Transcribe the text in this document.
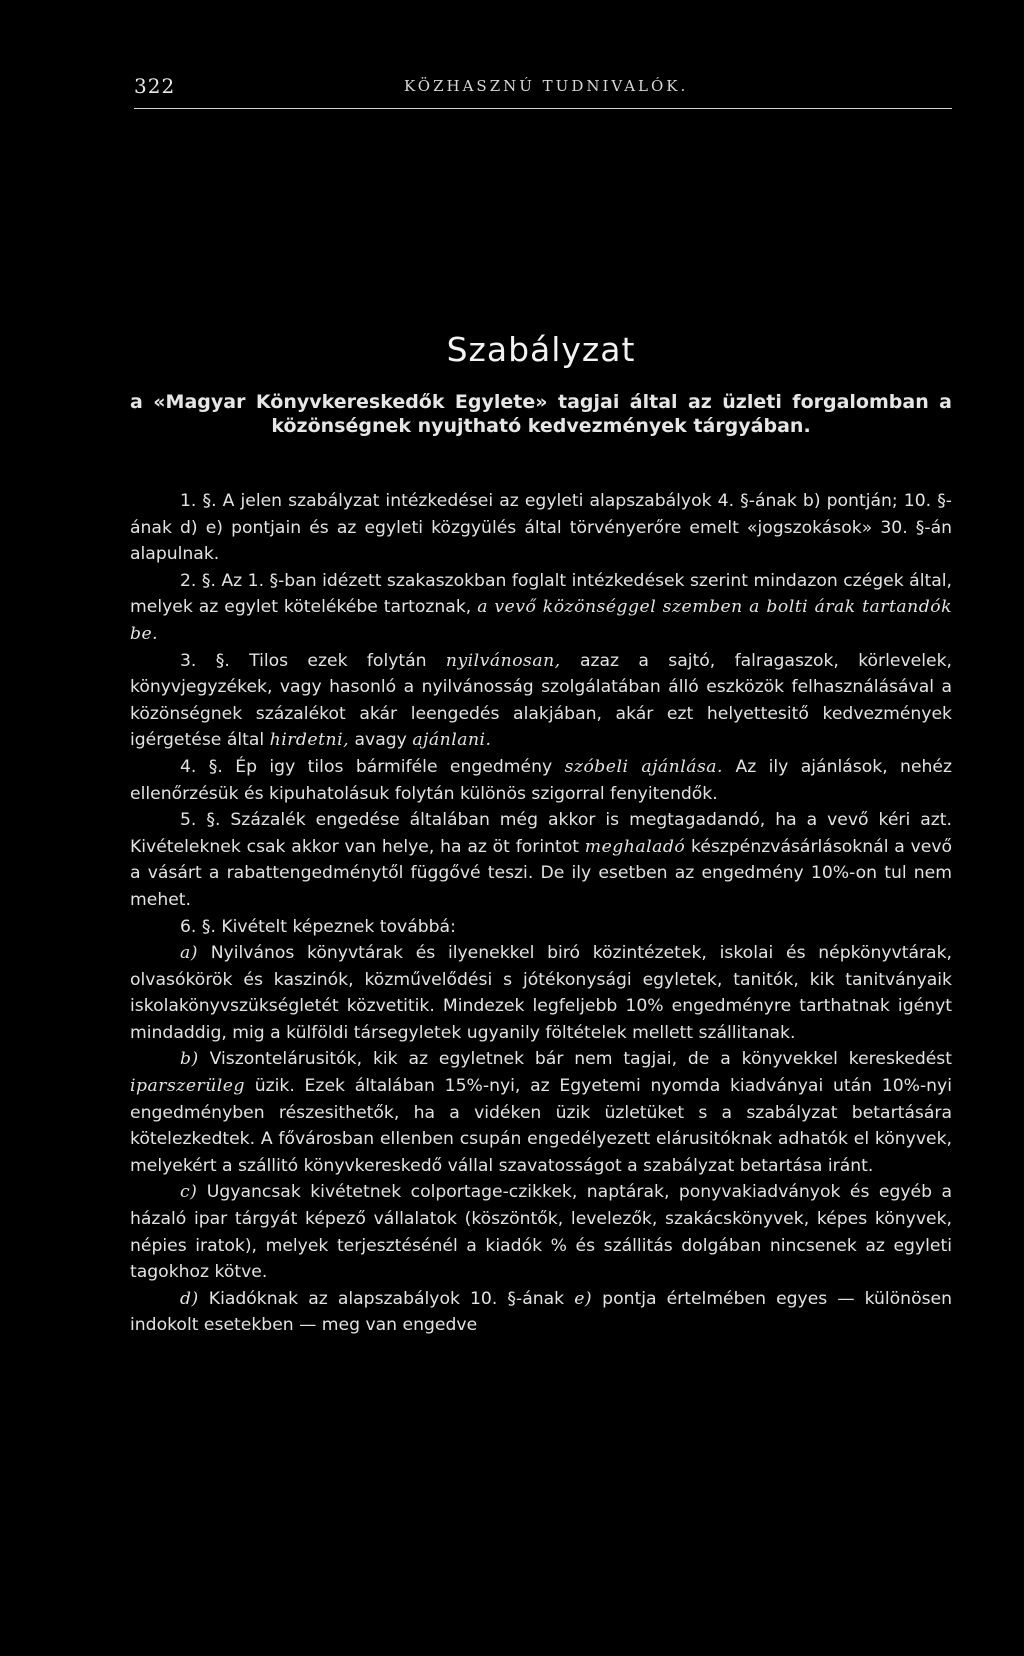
322	KÖZHASZNÚ TUDNIVALÓK.
Szabályzat
a «Magyar Könyvkereskedők Egylete» tagjai által az üzleti forgalomban a közönségnek nyujtható kedvezmények tárgyában.

1. §. A jelen szabályzat intézkedései az egyleti alapszabályok 4. §-ának b) pontján; 10. §-ának d) e) pontjain és az egyleti közgyülés által törvényerőre emelt «jogszokások» 30. §-án alapulnak.

2. §. Az 1. §-ban idézett szakaszokban foglalt intézkedések szerint mindazon czégek által, melyek az egylet kötelékébe tartoznak, a vevő közönséggel szemben a bolti árak tartandók be.

3. §. Tilos ezek folytán nyilvánosan, azaz a sajtó, falragaszok, körlevelek, könyvjegyzékek, vagy hasonló a nyilvánosság szolgálatában álló eszközök felhasználásával a közönségnek százalékot akár leengedés alakjában, akár ezt helyettesitő kedvezmények igérgetése által hirdetni, avagy ajánlani.

4. §. Ép igy tilos bármiféle engedmény szóbeli ajánlása. Az ily ajánlások, nehéz ellenőrzésük és kipuhatolásuk folytán különös szigorral fenyitendők.

5. §. Százalék engedése általában még akkor is megtagadandó, ha a vevő kéri azt. Kivételeknek csak akkor van helye, ha az öt forintot meghaladó készpénzvásárlásoknál a vevő a vásárt a rabattengedménytől függővé teszi. De ily esetben az engedmény 10%-on tul nem mehet.

6. §. Kivételt képeznek továbbá:

a) Nyilvános könyvtárak és ilyenekkel biró közintézetek, iskolai és népkönyvtárak, olvasókörök és kaszinók, közművelődési s jótékonysági egyletek, tanitók, kik tanitványaik iskolakönyvszükségletét közvetitik. Mindezek legfeljebb 10% engedményre tarthatnak igényt mindaddig, mig a külföldi társegyletek ugyanily föltételek mellett szállitanak.

b) Viszontelárusitók, kik az egyletnek bár nem tagjai, de a könyvekkel kereskedést iparszerüleg üzik. Ezek általában 15%-nyi, az Egyetemi nyomda kiadványai után 10%-nyi engedményben részesithetők, ha a vidéken üzik üzletüket s a szabályzat betartására kötelezkedtek. A fővárosban ellenben csupán engedélyezett elárusitóknak adhatók el könyvek, melyekért a szállitó könyvkereskedő vállal szavatosságot a szabályzat betartása iránt.

c) Ugyancsak kivétetnek colportage-czikkek, naptárak, ponyvakiadványok és egyéb a házaló ipar tárgyát képező vállalatok (köszöntők, levelezők, szakácskönyvek, képes könyvek, népies iratok), melyek terjesztésénél a kiadók % és szállitás dolgában nincsenek az egyleti tagokhoz kötve.

d) Kiadóknak az alapszabályok 10. §-ának e) pontja értelmében egyes — különösen indokolt esetekben — meg van engedve
